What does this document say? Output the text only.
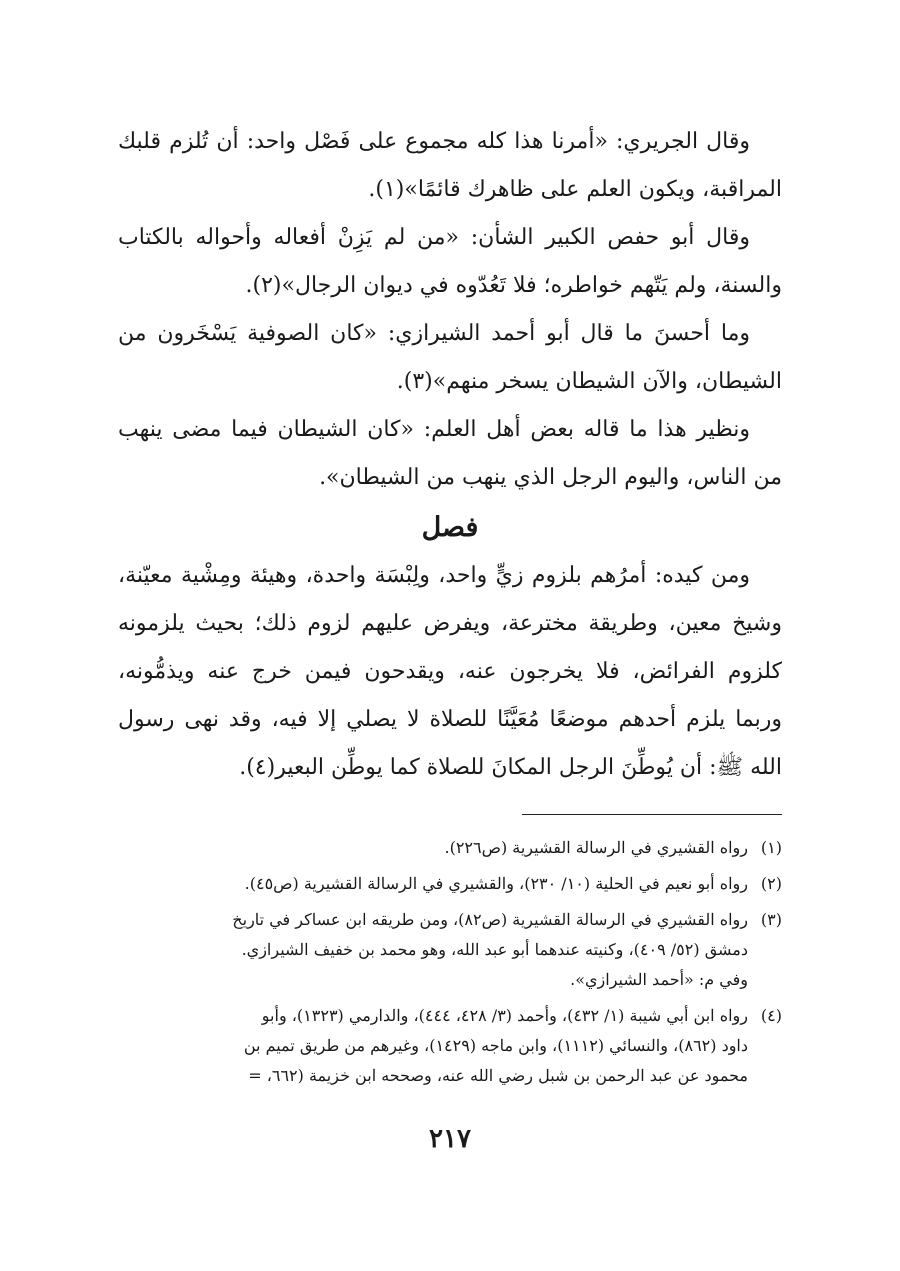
وقال الجريري: «أمرنا هذا كله مجموع على فَصْل واحد: أن تُلزم قلبك المراقبة، ويكون العلم على ظاهرك قائمًا»(١).

وقال أبو حفص الكبير الشأن: «من لم يَزِنْ أفعاله وأحواله بالكتاب والسنة، ولم يَتّهم خواطره؛ فلا تَعُدّوه في ديوان الرجال»(٢).

وما أحسنَ ما قال أبو أحمد الشيرازي: «كان الصوفية يَسْخَرون من الشيطان، والآن الشيطان يسخر منهم»(٣).

ونظير هذا ما قاله بعض أهل العلم: «كان الشيطان فيما مضى ينهب من الناس، واليوم الرجل الذي ينهب من الشيطان».

فصل

ومن كيده: أمرُهم بلزوم زيٍّ واحد، ولِبْسَة واحدة، وهيئة ومِشْية معيّنة، وشيخ معين، وطريقة مخترعة، ويفرض عليهم لزوم ذلك؛ بحيث يلزمونه كلزوم الفرائض، فلا يخرجون عنه، ويقدحون فيمن خرج عنه ويذمُّونه، وربما يلزم أحدهم موضعًا مُعَيَّنًا للصلاة لا يصلي إلا فيه، وقد نهى رسول الله ﷺ: أن يُوطِّنَ الرجل المكانَ للصلاة كما يوطِّن البعير(٤).

(١)
رواه القشيري في الرسالة القشيرية (ص٢٢٦).
(٢)
رواه أبو نعيم في الحلية (١٠/ ٢٣٠)، والقشيري في الرسالة القشيرية (ص٤٥).
(٣)
رواه القشيري في الرسالة القشيرية (ص٨٢)، ومن طريقه ابن عساكر في تاريخ
دمشق (٥٢/ ٤٠٩)، وكنيته عندهما أبو عبد الله، وهو محمد بن خفيف الشيرازي.
وفي م: «أحمد الشيرازي».
(٤)
رواه ابن أبي شيبة (١/ ٤٣٢)، وأحمد (٣/ ٤٢٨، ٤٤٤)، والدارمي (١٣٢٣)، وأبو
داود (٨٦٢)، والنسائي (١١١٢)، وابن ماجه (١٤٢٩)، وغيرهم من طريق تميم بن
محمود عن عبد الرحمن بن شبل رضي الله عنه، وصححه ابن خزيمة (٦٦٢، =
٢١٧
